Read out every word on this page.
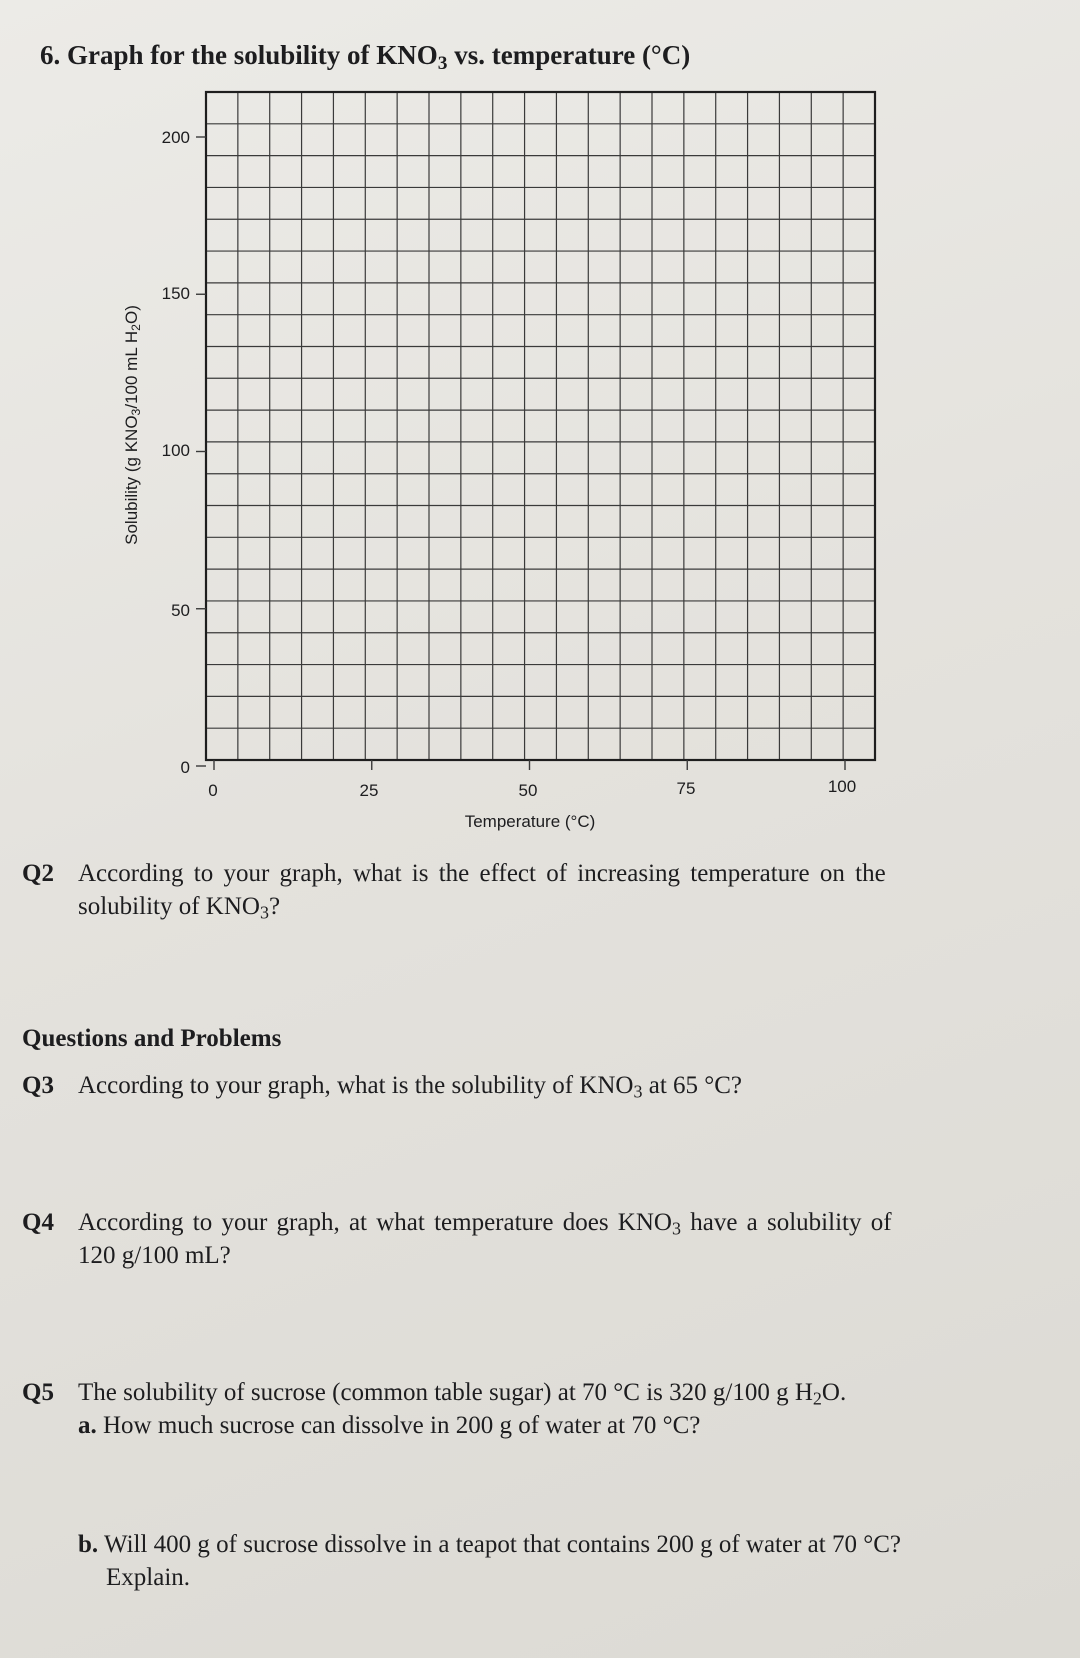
6. Graph for the solubility of $KNO_3$ vs. temperature (°C)
200
150
100
50
0
0	25	50	75	100
Temperature (°C)
Solubility (g $KNO_3/100$ mL $H_2O$)
Q2 According to your graph, what is the effect of increasing temperature on the
solubility of $KNO_3$?
Questions and Problems
Q3 According to your graph, what is the solubility of $KNO_3$ at 65 °C?
Q4 According to your graph, at what temperature does $KNO_3$ have a solubility of
120 g/100 mL?
Q5 The solubility of sucrose (common table sugar) at 70 °C is 320 g/100 g $H_2O$.
a. How much sucrose can dissolve in 200 g of water at 70 °C?
b. Will 400 g of sucrose dissolve in a teapot that contains 200 g of water at 70 °C?
Explain.
